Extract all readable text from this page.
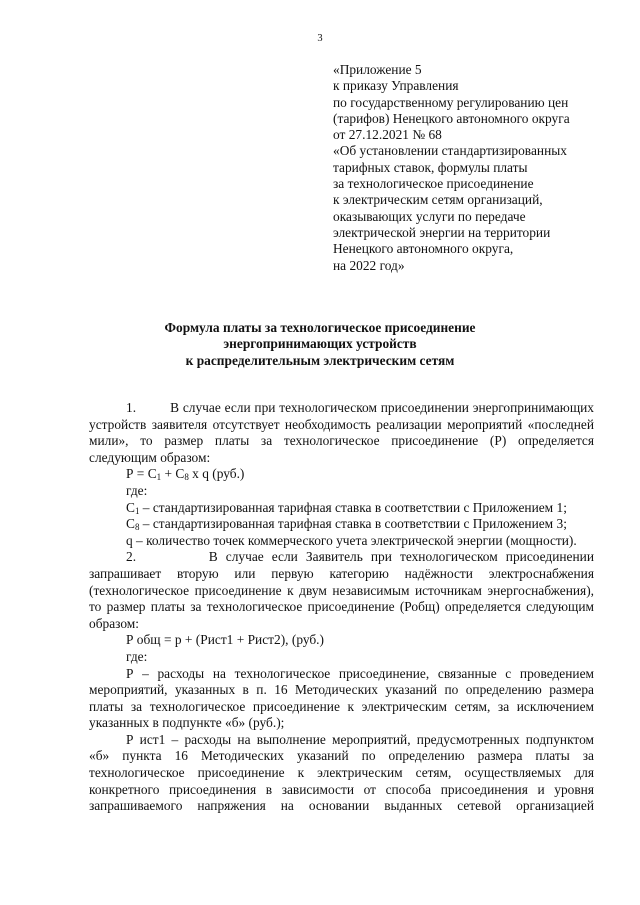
3
«Приложение 5
к приказу Управления
по государственному регулированию цен
(тарифов) Ненецкого автономного округа
от 27.12.2021 № 68
«Об установлении стандартизированных
тарифных ставок, формулы платы
за технологическое присоединение
к электрическим сетям организаций,
оказывающих услуги по передаче
электрической энергии на территории
Ненецкого автономного округа,
на 2022 год»
Формула платы за технологическое присоединение
энергопринимающих устройств
к распределительным электрическим сетям
1.	В случае если при технологическом присоединении энергопринимающих устройств заявителя отсутствует необходимость реализации мероприятий «последней мили», то размер платы за технологическое присоединение (Р) определяется следующим образом:
$Р = С_1 + С_8$ х q (руб.)
где:
$С_1$ – стандартизированная тарифная ставка в соответствии с Приложением 1;
$С_8$ – стандартизированная тарифная ставка в соответствии с Приложением 3;
q – количество точек коммерческого учета электрической энергии (мощности).
2.	В случае если Заявитель при технологическом присоединении запрашивает вторую или первую категорию надёжности электроснабжения (технологическое присоединение к двум независимым источникам энергоснабжения), то размер платы за технологическое присоединение (Робщ) определяется следующим образом:
Р общ = р + (Рист1 + Рист2), (руб.)
где:
Р – расходы на технологическое присоединение, связанные с проведением мероприятий, указанных в п. 16 Методических указаний по определению размера платы за технологическое присоединение к электрическим сетям, за исключением указанных в подпункте «б» (руб.);
Р ист1 – расходы на выполнение мероприятий, предусмотренных подпунктом «б» пункта 16 Методических указаний по определению размера платы за технологическое присоединение к электрическим сетям, осуществляемых для конкретного присоединения в зависимости от способа присоединения и уровня запрашиваемого напряжения на основании выданных сетевой организацией
